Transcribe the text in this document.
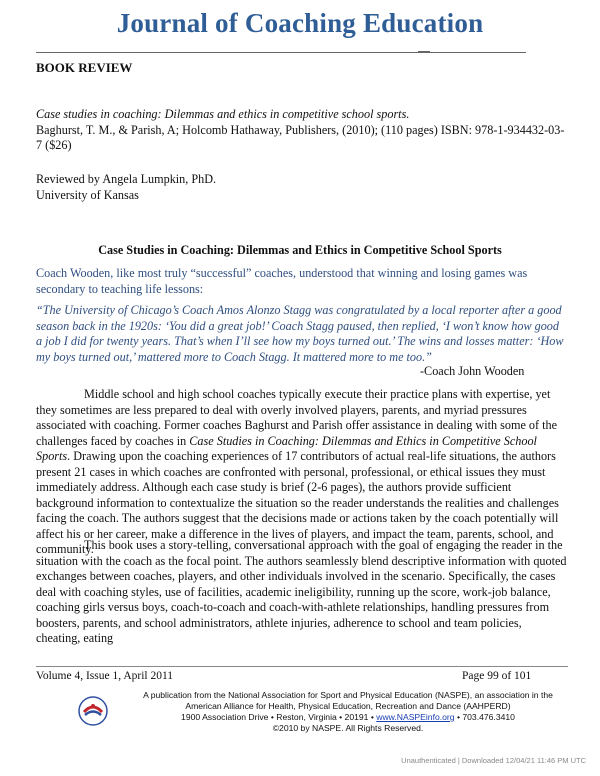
Journal of Coaching Education
BOOK REVIEW
Case studies in coaching: Dilemmas and ethics in competitive school sports.
Baghurst, T. M., & Parish, A; Holcomb Hathaway, Publishers, (2010); (110 pages) ISBN: 978-1-934432-03-7 ($26)
Reviewed by Angela Lumpkin, PhD.
University of Kansas
Case Studies in Coaching: Dilemmas and Ethics in Competitive School Sports
Coach Wooden, like most truly “successful” coaches, understood that winning and losing games was secondary to teaching life lessons:
“The University of Chicago’s Coach Amos Alonzo Stagg was congratulated by a local reporter after a good season back in the 1920s: ‘You did a great job!’ Coach Stagg paused, then replied, ‘I won’t know how good a job I did for twenty years. That’s when I’ll see how my boys turned out.’ The wins and losses matter: ‘How my boys turned out,’ mattered more to Coach Stagg. It mattered more to me too.”
-Coach John Wooden
Middle school and high school coaches typically execute their practice plans with expertise, yet they sometimes are less prepared to deal with overly involved players, parents, and myriad pressures associated with coaching. Former coaches Baghurst and Parish offer assistance in dealing with some of the challenges faced by coaches in Case Studies in Coaching: Dilemmas and Ethics in Competitive School Sports. Drawing upon the coaching experiences of 17 contributors of actual real-life situations, the authors present 21 cases in which coaches are confronted with personal, professional, or ethical issues they must immediately address. Although each case study is brief (2-6 pages), the authors provide sufficient background information to contextualize the situation so the reader understands the realities and challenges facing the coach. The authors suggest that the decisions made or actions taken by the coach potentially will affect his or her career, make a difference in the lives of players, and impact the team, parents, school, and community.
This book uses a story-telling, conversational approach with the goal of engaging the reader in the situation with the coach as the focal point. The authors seamlessly blend descriptive information with quoted exchanges between coaches, players, and other individuals involved in the scenario. Specifically, the cases deal with coaching styles, use of facilities, academic ineligibility, running up the score, work-job balance, coaching girls versus boys, coach-to-coach and coach-with-athlete relationships, handling pressures from boosters, parents, and school administrators, athlete injuries, adherence to school and team policies, cheating, eating
Volume 4, Issue 1, April 2011	Page 99 of 101
A publication from the National Association for Sport and Physical Education (NASPE), an association in the
American Alliance for Health, Physical Education, Recreation and Dance (AAHPERD)
1900 Association Drive • Reston, Virginia • 20191 • www.NASPEinfo.org • 703.476.3410
©2010 by NASPE. All Rights Reserved.
Unauthenticated | Downloaded 12/04/21 11:46 PM UTC
